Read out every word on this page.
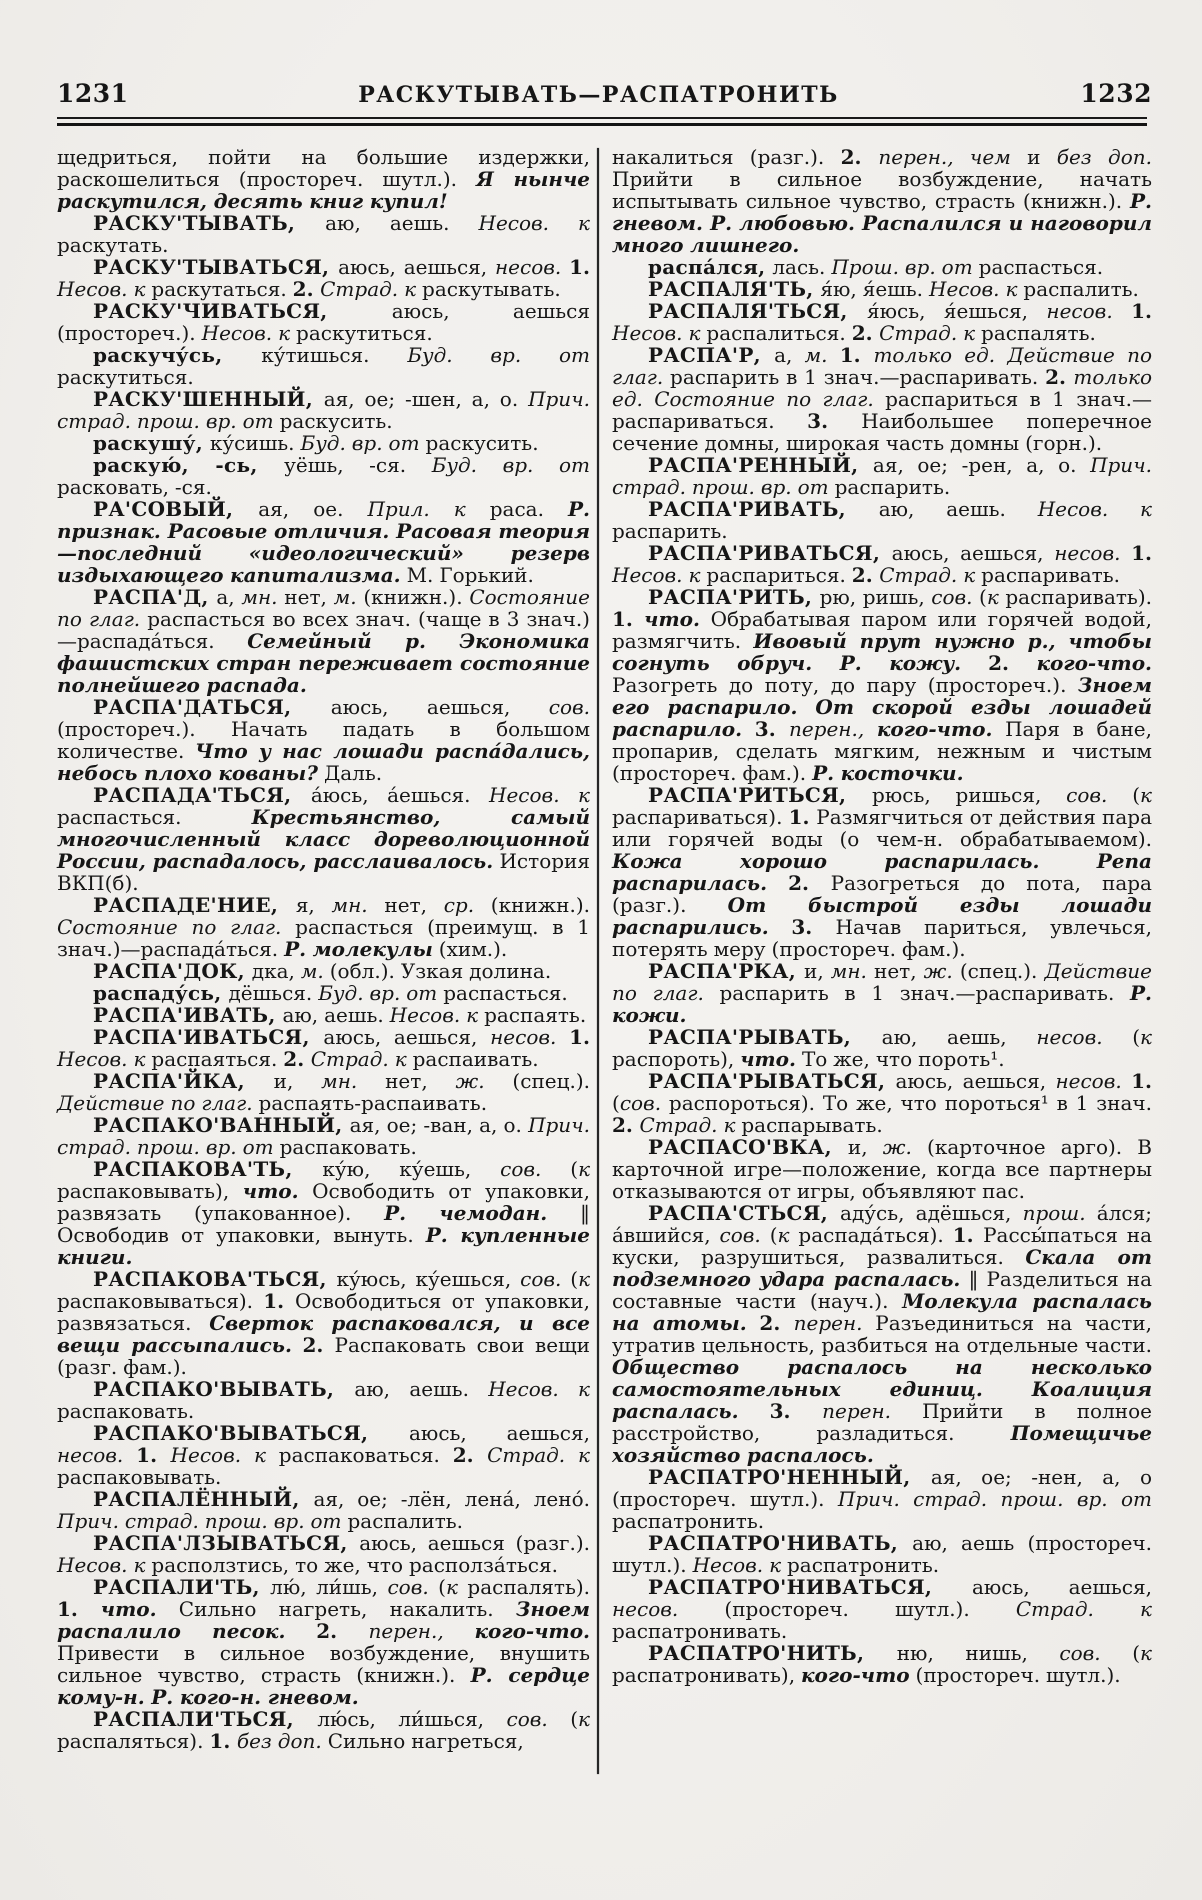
1231	РАСКУТЫВАТЬ—РАСПАТРОНИТЬ	1232

щедриться, пойти на большие издержки, раскошелиться (простореч. шутл.). Я нынче раскутился, десять книг купил!

РАСКУ'ТЫВАТЬ, аю, аешь. Несов. к раскутать.

РАСКУ'ТЫВАТЬСЯ, аюсь, аешься, несов. 1. Несов. к раскутаться. 2. Страд. к раскутывать.

РАСКУ'ЧИВАТЬСЯ, аюсь, аешься (простореч.). Несов. к раскутиться.

раскучу́сь, ку́тишься. Буд. вр. от раскутиться.

РАСКУ'ШЕННЫЙ, ая, ое; -шен, а, о. Прич. страд. прош. вр. от раскусить.

раскушу́, ку́сишь. Буд. вр. от раскусить.

раскую́, -сь, уёшь, -ся. Буд. вр. от расковать, -ся.

РА'СОВЫЙ, ая, ое. Прил. к раса. Р. признак. Расовые отличия. Расовая теория—последний «идеологический» резерв издыхающего капитализма. М. Горький.

РАСПА'Д, а, мн. нет, м. (книжн.). Состояние по глаг. распасться во всех знач. (чаще в 3 знач.)—распада́ться. Семейный р. Экономика фашистских стран переживает состояние полнейшего распада.

РАСПА'ДАТЬСЯ, аюсь, аешься, сов. (простореч.). Начать падать в большом количестве. Что у нас лошади распа́дались, небось плохо кованы? Даль.

РАСПАДА'ТЬСЯ, а́юсь, а́ешься. Несов. к распасться. Крестьянство, самый многочисленный класс дореволюционной России, распадалось, расслаивалось. История ВКП(б).

РАСПАДЕ'НИЕ, я, мн. нет, ср. (книжн.). Состояние по глаг. распасться (преимущ. в 1 знач.)—распада́ться. Р. молекулы (хим.).

РАСПА'ДОК, дка, м. (обл.). Узкая долина.

распаду́сь, дёшься. Буд. вр. от распасться.

РАСПА'ИВАТЬ, аю, аешь. Несов. к распаять.

РАСПА'ИВАТЬСЯ, аюсь, аешься, несов. 1. Несов. к распаяться. 2. Страд. к распаивать.

РАСПА'ЙКА, и, мн. нет, ж. (спец.). Действие по глаг. распаять-распаивать.

РАСПАКО'ВАННЫЙ, ая, ое; -ван, а, о. Прич. страд. прош. вр. от распаковать.

РАСПАКОВА'ТЬ, ку́ю, ку́ешь, сов. (к распаковывать), что. Освободить от упаковки, развязать (упакованное). Р. чемодан. ‖ Освободив от упаковки, вынуть. Р. купленные книги.

РАСПАКОВА'ТЬСЯ, ку́юсь, ку́ешься, сов. (к распаковываться). 1. Освободиться от упаковки, развязаться. Сверток распаковался, и все вещи рассыпались. 2. Распаковать свои вещи (разг. фам.).

РАСПАКО'ВЫВАТЬ, аю, аешь. Несов. к распаковать.

РАСПАКО'ВЫВАТЬСЯ, аюсь, аешься, несов. 1. Несов. к распаковаться. 2. Страд. к распаковывать.

РАСПАЛЁННЫЙ, ая, ое; -лён, лена́, лено́. Прич. страд. прош. вр. от распалить.

РАСПА'ЛЗЫВАТЬСЯ, аюсь, аешься (разг.). Несов. к расползтись, то же, что располза́ться.

РАСПАЛИ'ТЬ, лю́, ли́шь, сов. (к распалять). 1. что. Сильно нагреть, накалить. Зноем распалило песок. 2. перен., кого-что. Привести в сильное возбуждение, внушить сильное чувство, страсть (книжн.). Р. сердце кому-н. Р. кого-н. гневом.

РАСПАЛИ'ТЬСЯ, лю́сь, ли́шься, сов. (к распаляться). 1. без доп. Сильно нагреться,

накалиться (разг.). 2. перен., чем и без доп. Прийти в сильное возбуждение, начать испытывать сильное чувство, страсть (книжн.). Р. гневом. Р. любовью. Распалился и наговорил много лишнего.

распа́лся, лась. Прош. вр. от распасться.

РАСПАЛЯ'ТЬ, я́ю, я́ешь. Несов. к распалить.

РАСПАЛЯ'ТЬСЯ, я́юсь, я́ешься, несов. 1. Несов. к распалиться. 2. Страд. к распалять.

РАСПА'Р, а, м. 1. только ед. Действие по глаг. распарить в 1 знач.—распаривать. 2. только ед. Состояние по глаг. распариться в 1 знач.—распариваться. 3. Наибольшее поперечное сечение домны, широкая часть домны (горн.).

РАСПА'РЕННЫЙ, ая, ое; -рен, а, о. Прич. страд. прош. вр. от распарить.

РАСПА'РИВАТЬ, аю, аешь. Несов. к распарить.

РАСПА'РИВАТЬСЯ, аюсь, аешься, несов. 1. Несов. к распариться. 2. Страд. к распаривать.

РАСПА'РИТЬ, рю, ришь, сов. (к распаривать). 1. что. Обрабатывая паром или горячей водой, размягчить. Ивовый прут нужно р., чтобы согнуть обруч. Р. кожу. 2. кого-что. Разогреть до поту, до пару (простореч.). Зноем его распарило. От скорой езды лошадей распарило. 3. перен., кого-что. Паря в бане, пропарив, сделать мягким, нежным и чистым (простореч. фам.). Р. косточки.

РАСПА'РИТЬСЯ, рюсь, ришься, сов. (к распариваться). 1. Размягчиться от действия пара или горячей воды (о чем-н. обрабатываемом). Кожа хорошо распарилась. Репа распарилась. 2. Разогреться до пота, пара (разг.). От быстрой езды лошади распарились. 3. Начав париться, увлечься, потерять меру (простореч. фам.).

РАСПА'РКА, и, мн. нет, ж. (спец.). Действие по глаг. распарить в 1 знач.—распаривать. Р. кожи.

РАСПА'РЫВАТЬ, аю, аешь, несов. (к распороть), что. То же, что пороть¹.

РАСПА'РЫВАТЬСЯ, аюсь, аешься, несов. 1. (сов. распороться). То же, что пороться¹ в 1 знач. 2. Страд. к распарывать.

РАСПАСО'ВКА, и, ж. (карточное арго). В карточной игре—положение, когда все партнеры отказываются от игры, объявляют пас.

РАСПА'СТЬСЯ, аду́сь, адёшься, прош. а́лся; а́вшийся, сов. (к распада́ться). 1. Рассы́паться на куски, разрушиться, развалиться. Скала от подземного удара распалась. ‖ Разделиться на составные части (науч.). Молекула распалась на атомы. 2. перен. Разъединиться на части, утратив цельность, разбиться на отдельные части. Общество распалось на несколько самостоятельных единиц. Коалиция распалась. 3. перен. Прийти в полное расстройство, разладиться. Помещичье хозяйство распалось.

РАСПАТРО'НЕННЫЙ, ая, ое; -нен, а, о (простореч. шутл.). Прич. страд. прош. вр. от распатронить.

РАСПАТРО'НИВАТЬ, аю, аешь (простореч. шутл.). Несов. к распатронить.

РАСПАТРО'НИВАТЬСЯ, аюсь, аешься, несов. (простореч. шутл.). Страд. к распатронивать.

РАСПАТРО'НИТЬ, ню, нишь, сов. (к распатронивать), кого-что (простореч. шутл.).
